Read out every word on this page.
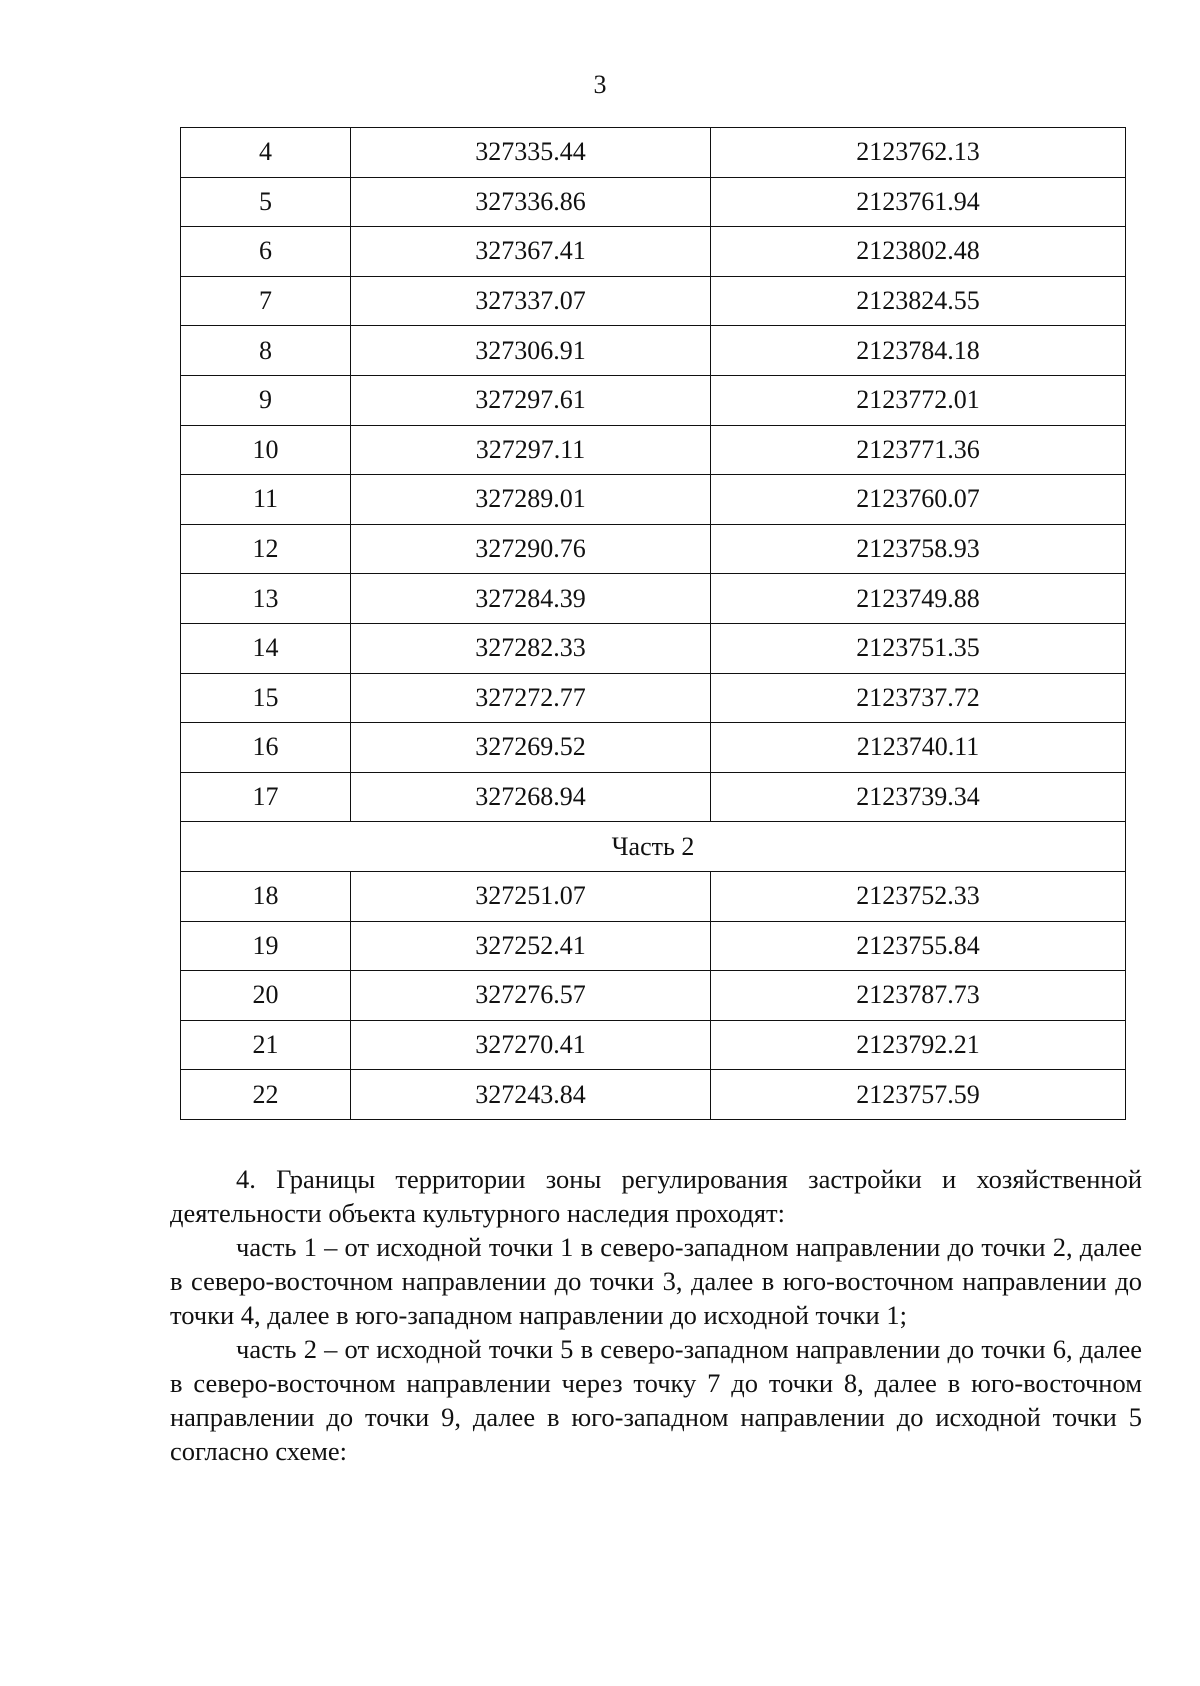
3
4	327335.44	2123762.13
5	327336.86	2123761.94
6	327367.41	2123802.48
7	327337.07	2123824.55
8	327306.91	2123784.18
9	327297.61	2123772.01
10	327297.11	2123771.36
11	327289.01	2123760.07
12	327290.76	2123758.93
13	327284.39	2123749.88
14	327282.33	2123751.35
15	327272.77	2123737.72
16	327269.52	2123740.11
17	327268.94	2123739.34
Часть 2		
18	327251.07	2123752.33
19	327252.41	2123755.84
20	327276.57	2123787.73
21	327270.41	2123792.21
22	327243.84	2123757.59

4. Границы территории зоны регулирования застройки и хозяйственной деятельности объекта культурного наследия проходят:

часть 1 – от исходной точки 1 в северо-западном направлении до точки 2, далее в северо-восточном направлении до точки 3, далее в юго-восточном направлении до точки 4, далее в юго-западном направлении до исходной точки 1;

часть 2 – от исходной точки 5 в северо-западном направлении до точки 6, далее в северо-восточном направлении через точку 7 до точки 8, далее в юго-восточном направлении до точки 9, далее в юго-западном направлении до исходной точки 5 согласно схеме:
